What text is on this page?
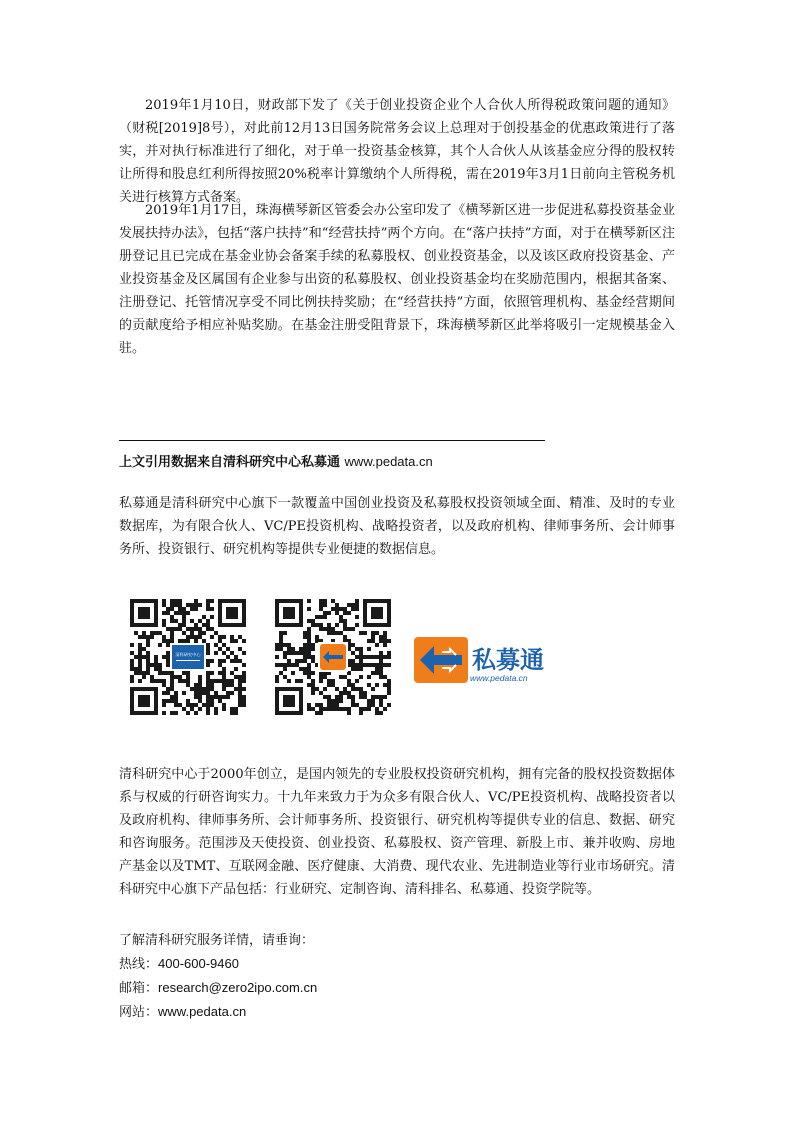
2019年1月10日，财政部下发了《关于创业投资企业个人合伙人所得税政策问题的通知》（财税[2019]8号），对此前12月13日国务院常务会议上总理对于创投基金的优惠政策进行了落实，并对执行标准进行了细化，对于单一投资基金核算，其个人合伙人从该基金应分得的股权转让所得和股息红利所得按照20%税率计算缴纳个人所得税，需在2019年3月1日前向主管税务机关进行核算方式备案。

2019年1月17日，珠海横琴新区管委会办公室印发了《横琴新区进一步促进私募投资基金业发展扶持办法》，包括“落户扶持”和“经营扶持”两个方向。在“落户扶持”方面，对于在横琴新区注册登记且已完成在基金业协会备案手续的私募股权、创业投资基金，以及该区政府投资基金、产业投资基金及区属国有企业参与出资的私募股权、创业投资基金均在奖励范围内，根据其备案、注册登记、托管情况享受不同比例扶持奖励；在“经营扶持”方面，依照管理机构、基金经营期间的贡献度给予相应补贴奖励。在基金注册受阻背景下，珠海横琴新区此举将吸引一定规模基金入驻。

上文引用数据来自清科研究中心私募通 www.pedata.cn

私募通是清科研究中心旗下一款覆盖中国创业投资及私募股权投资领域全面、精准、及时的专业数据库，为有限合伙人、VC/PE投资机构、战略投资者，以及政府机构、律师事务所、会计师事务所、投资银行、研究机构等提供专业便捷的数据信息。

清科研究中心	私募通
www.pedata.cn

清科研究中心于2000年创立，是国内领先的专业股权投资研究机构，拥有完备的股权投资数据体系与权威的行研咨询实力。十九年来致力于为众多有限合伙人、VC/PE投资机构、战略投资者以及政府机构、律师事务所、会计师事务所、投资银行、研究机构等提供专业的信息、数据、研究和咨询服务。范围涉及天使投资、创业投资、私募股权、资产管理、新股上市、兼并收购、房地产基金以及TMT、互联网金融、医疗健康、大消费、现代农业、先进制造业等行业市场研究。清科研究中心旗下产品包括：行业研究、定制咨询、清科排名、私募通、投资学院等。

了解清科研究服务详情，请垂询：
热线：400-600-9460
邮箱：research@zero2ipo.com.cn
网站：www.pedata.cn
